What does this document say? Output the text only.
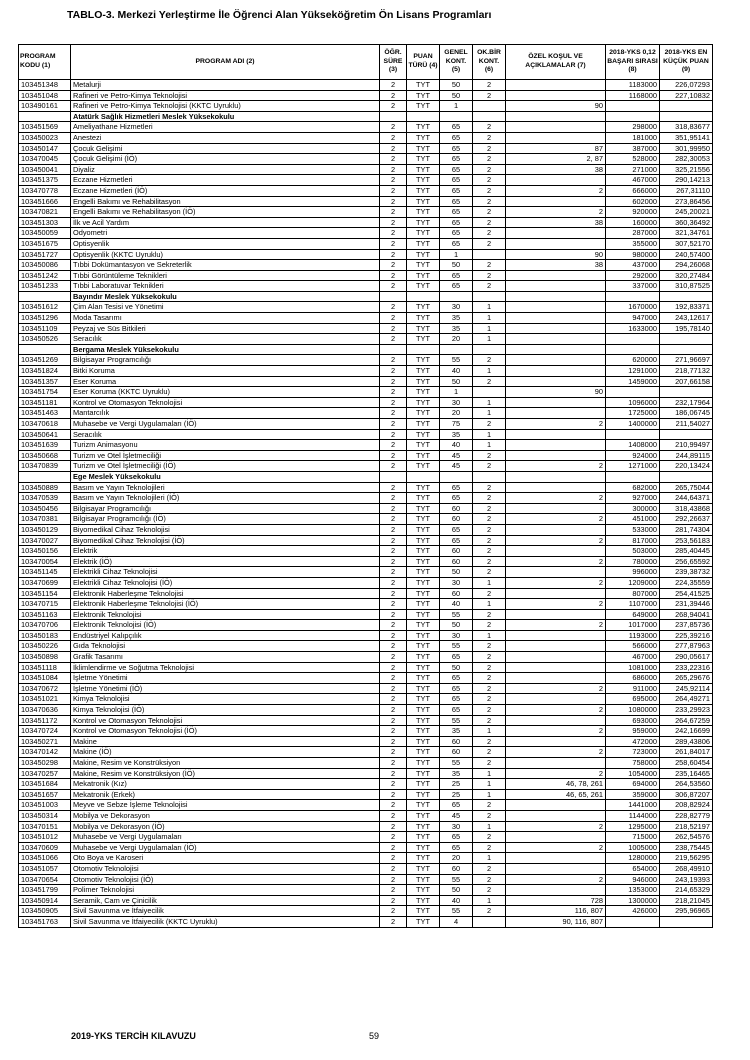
TABLO-3. Merkezi Yerleştirme İle Öğrenci Alan Yükseköğretim Ön Lisans Programları
PROGRAM KODU (1)	PROGRAM ADI (2)	ÖĞR. SÜRE (3)	PUAN TÜRÜ (4)	GENEL KONT. (5)	OK.BİR KONT. (6)	ÖZEL KOŞUL VE AÇIKLAMALAR (7)	2018-YKS 0,12 BAŞARI SIRASI (8)	2018-YKS EN KÜÇÜK PUAN (9)
103451348	Metalurji	2	TYT	50	2		1183000	226,07293
103451048	Rafineri ve Petro-Kimya Teknolojisi	2	TYT	50	2		1168000	227,10832
103490161	Rafineri ve Petro-Kimya Teknolojisi (KKTC Uyruklu)	2	TYT	1		90		
	Atatürk Sağlık Hizmetleri Meslek Yüksekokulu							
103451569	Ameliyathane Hizmetleri	2	TYT	65	2		298000	318,83677
103450023	Anestezi	2	TYT	65	2		181000	351,95141
103450147	Çocuk Gelişimi	2	TYT	65	2	87	387000	301,99950
103470045	Çocuk Gelişimi (İÖ)	2	TYT	65	2	2, 87	528000	282,30053
103450041	Diyaliz	2	TYT	65	2	38	271000	325,21556
103451375	Eczane Hizmetleri	2	TYT	65	2		467000	290,14213
103470778	Eczane Hizmetleri (İÖ)	2	TYT	65	2	2	666000	267,31110
103451666	Engelli Bakımı ve Rehabilitasyon	2	TYT	65	2		602000	273,86456
103470821	Engelli Bakımı ve Rehabilitasyon (İÖ)	2	TYT	65	2	2	920000	245,20021
103451303	İlk ve Acil Yardım	2	TYT	65	2	38	160000	360,36492
103450059	Odyometri	2	TYT	65	2		287000	321,34761
103451675	Optisyenlik	2	TYT	65	2		355000	307,52170
103451727	Optisyenlik (KKTC Uyruklu)	2	TYT	1		90	980000	240,57400
103450086	Tıbbi Dokümantasyon ve Sekreterlik	2	TYT	50	2	38	437000	294,26068
103451242	Tıbbi Görüntüleme Teknikleri	2	TYT	65	2		292000	320,27484
103451233	Tıbbi Laboratuvar Teknikleri	2	TYT	65	2		337000	310,87525
	Bayındır Meslek Yüksekokulu							
103451612	Çim Alan Tesisi ve Yönetimi	2	TYT	30	1		1670000	192,83371
103451296	Moda Tasarımı	2	TYT	35	1		947000	243,12617
103451109	Peyzaj ve Süs Bitkileri	2	TYT	35	1		1633000	195,78140
103450526	Seracılık	2	TYT	20	1			
	Bergama Meslek Yüksekokulu							
103451269	Bilgisayar Programcılığı	2	TYT	55	2		620000	271,96697
103451824	Bitki Koruma	2	TYT	40	1		1291000	218,77132
103451357	Eser Koruma	2	TYT	50	2		1459000	207,66158
103451754	Eser Koruma (KKTC Uyruklu)	2	TYT	1		90		
103451181	Kontrol ve Otomasyon Teknolojisi	2	TYT	30	1		1096000	232,17964
103451463	Mantarcılık	2	TYT	20	1		1725000	186,06745
103470618	Muhasebe ve Vergi Uygulamaları (İÖ)	2	TYT	75	2	2	1400000	211,54027
103450641	Seracılık	2	TYT	35	1			
103451639	Turizm Animasyonu	2	TYT	40	1		1408000	210,99497
103450668	Turizm ve Otel İşletmeciliği	2	TYT	45	2		924000	244,89115
103470839	Turizm ve Otel İşletmeciliği (İÖ)	2	TYT	45	2	2	1271000	220,13424
	Ege Meslek Yüksekokulu							
103450889	Basım ve Yayın Teknolojileri	2	TYT	65	2		682000	265,75044
103470539	Basım ve Yayın Teknolojileri (İÖ)	2	TYT	65	2	2	927000	244,64371
103450456	Bilgisayar Programcılığı	2	TYT	60	2		300000	318,43868
103470381	Bilgisayar Programcılığı (İÖ)	2	TYT	60	2	2	451000	292,26637
103450129	Biyomedikal Cihaz Teknolojisi	2	TYT	65	2		533000	281,74304
103470027	Biyomedikal Cihaz Teknolojisi (İÖ)	2	TYT	65	2	2	817000	253,56183
103450156	Elektrik	2	TYT	60	2		503000	285,40445
103470054	Elektrik (İÖ)	2	TYT	60	2	2	780000	256,65592
103451145	Elektrikli Cihaz Teknolojisi	2	TYT	50	2		996000	239,38732
103470699	Elektrikli Cihaz Teknolojisi (İÖ)	2	TYT	30	1	2	1209000	224,35559
103451154	Elektronik Haberleşme Teknolojisi	2	TYT	60	2		807000	254,41525
103470715	Elektronik Haberleşme Teknolojisi (İÖ)	2	TYT	40	1	2	1107000	231,39446
103451163	Elektronik Teknolojisi	2	TYT	55	2		649000	268,94041
103470706	Elektronik Teknolojisi (İÖ)	2	TYT	50	2	2	1017000	237,85736
103450183	Endüstriyel Kalıpçılık	2	TYT	30	1		1193000	225,39216
103450226	Gıda Teknolojisi	2	TYT	55	2		566000	277,87963
103450898	Grafik Tasarımı	2	TYT	65	2		467000	290,05617
103451118	İklimlendirme ve Soğutma Teknolojisi	2	TYT	50	2		1081000	233,22316
103451084	İşletme Yönetimi	2	TYT	65	2		686000	265,29676
103470672	İşletme Yönetimi (İÖ)	2	TYT	65	2	2	911000	245,92114
103451021	Kimya Teknolojisi	2	TYT	65	2		695000	264,49271
103470636	Kimya Teknolojisi (İÖ)	2	TYT	65	2	2	1080000	233,29923
103451172	Kontrol ve Otomasyon Teknolojisi	2	TYT	55	2		693000	264,67259
103470724	Kontrol ve Otomasyon Teknolojisi (İÖ)	2	TYT	35	1	2	959000	242,16699
103450271	Makine	2	TYT	60	2		472000	289,43806
103470142	Makine (İÖ)	2	TYT	60	2	2	723000	261,84017
103450298	Makine, Resim ve Konstrüksiyon	2	TYT	55	2		758000	258,60454
103470257	Makine, Resim ve Konstrüksiyon (İÖ)	2	TYT	35	1	2	1054000	235,16465
103451684	Mekatronik (Kız)	2	TYT	25	1	46, 78, 261	694000	264,53560
103451657	Mekatronik (Erkek)	2	TYT	25	1	46, 65, 261	359000	306,87207
103451003	Meyve ve Sebze İşleme Teknolojisi	2	TYT	65	2		1441000	208,82924
103450314	Mobilya ve Dekorasyon	2	TYT	45	2		1144000	228,82779
103470151	Mobilya ve Dekorasyon (İÖ)	2	TYT	30	1	2	1295000	218,52197
103451012	Muhasebe ve Vergi Uygulamaları	2	TYT	65	2		715000	262,54576
103470609	Muhasebe ve Vergi Uygulamaları (İÖ)	2	TYT	65	2	2	1005000	238,75445
103451066	Oto Boya ve Karoseri	2	TYT	20	1		1280000	219,56295
103451057	Otomotiv Teknolojisi	2	TYT	60	2		654000	268,49910
103470654	Otomotiv Teknolojisi (İÖ)	2	TYT	55	2	2	946000	243,19393
103451799	Polimer Teknolojisi	2	TYT	50	2		1353000	214,65329
103450914	Seramik, Cam ve Çinicilik	2	TYT	40	1	728	1300000	218,21045
103450905	Sivil Savunma ve İtfaiyecilik	2	TYT	55	2	116, 807	426000	295,96965
103451763	Sivil Savunma ve İtfaiyecilik (KKTC Uyruklu)	2	TYT	4		90, 116, 807		
2019-YKS TERCİH KILAVUZU	59
